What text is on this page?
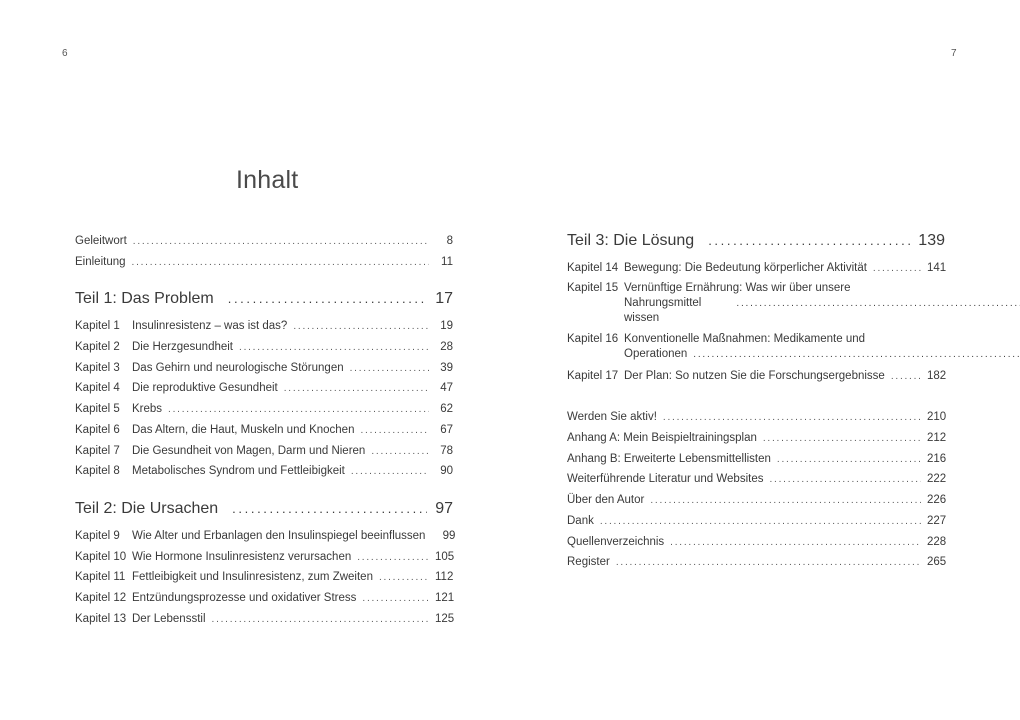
6	7
Inhalt
Geleitwort . . .	8
Einleitung . . .	11
Teil 1: Das Problem . . .	17
Kapitel 1	Insulinresistenz – was ist das? . . .	19
Kapitel 2	Die Herzgesundheit . . .	28
Kapitel 3	Das Gehirn und neurologische Störungen . . .	39
Kapitel 4	Die reproduktive Gesundheit . . .	47
Kapitel 5	Krebs . . .	62
Kapitel 6	Das Altern, die Haut, Muskeln und Knochen . . .	67
Kapitel 7	Die Gesundheit von Magen, Darm und Nieren . . .	78
Kapitel 8	Metabolisches Syndrom und Fettleibigkeit . . .	90
Teil 2: Die Ursachen . . .	97
Kapitel 9	Wie Alter und Erbanlagen den Insulinspiegel beeinflussen	99
Kapitel 10 Wie Hormone Insulinresistenz verursachen . . .	105
Kapitel 11 Fettleibigkeit und Insulinresistenz, zum Zweiten . . .	112
Kapitel 12 Entzündungsprozesse und oxidativer Stress . . .	121
Kapitel 13 Der Lebensstil . . .	125
Teil 3: Die Lösung . . .	139
Kapitel 14 Bewegung: Die Bedeutung körperlicher Aktivität . . .	141
Kapitel 15 Vernünftige Ernährung: Was wir über unsere
Nahrungsmittel wissen
. . .
Kapitel 16 Konventionelle Maßnahmen: Medikamente und
Operationen
. . .
Kapitel 17 Der Plan: So nutzen Sie die Forschungsergebnisse . . .	182
Werden Sie aktiv! . . .	210
Anhang A: Mein Beispieltrainingsplan . . .	212
Anhang B: Erweiterte Lebensmittellisten . . .	216
Weiterführende Literatur und Websites . . .	222
Über den Autor . . .	226
Dank . . .	227
Quellenverzeichnis . . .	228
Register . . .	265
